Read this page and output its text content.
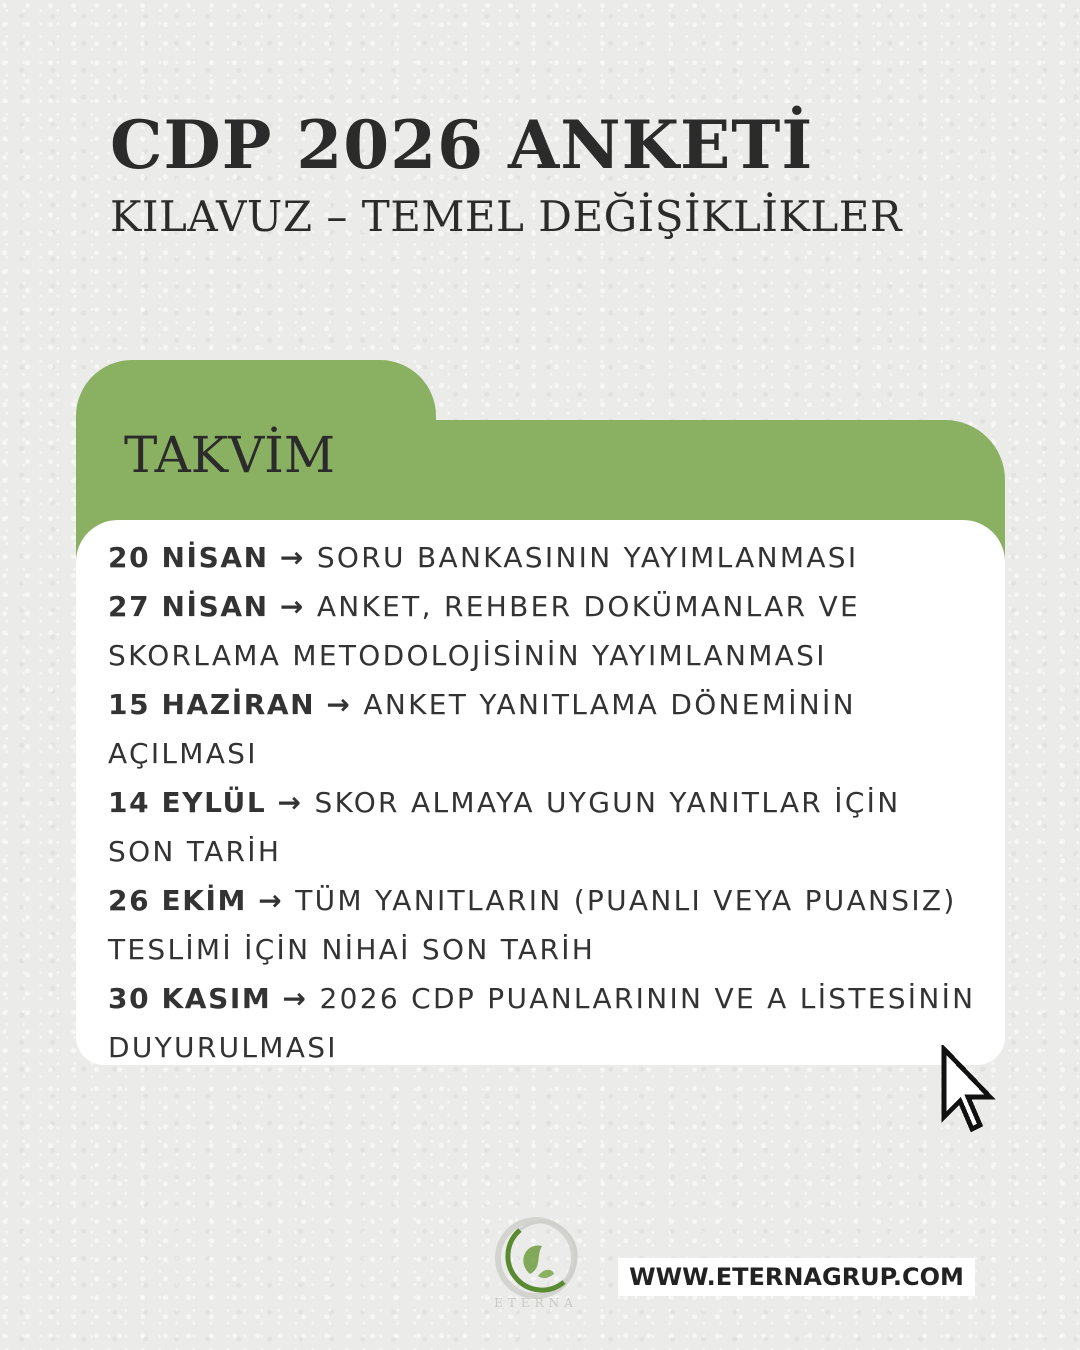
CDP 2026 ANKETİ
KILAVUZ – TEMEL DEĞİŞİKLİKLER
TAKVİM
20 NİSAN → SORU BANKASININ YAYIMLANMASI
27 NİSAN → ANKET, REHBER DOKÜMANLAR VE SKORLAMA METODOLOJİSİNİN YAYIMLANMASI
15 HAZİRAN → ANKET YANITLAMA DÖNEMİNİN AÇILMASI
14 EYLÜL → SKOR ALMAYA UYGUN YANITLAR İÇİN SON TARİH
26 EKİM → TÜM YANITLARIN (PUANLI VEYA PUANSIZ) TESLİMİ İÇİN NİHAİ SON TARİH
30 KASIM → 2026 CDP PUANLARININ VE A LİSTESİNİN DUYURULMASI
ETERNA
WWW.ETERNAGRUP.COM
